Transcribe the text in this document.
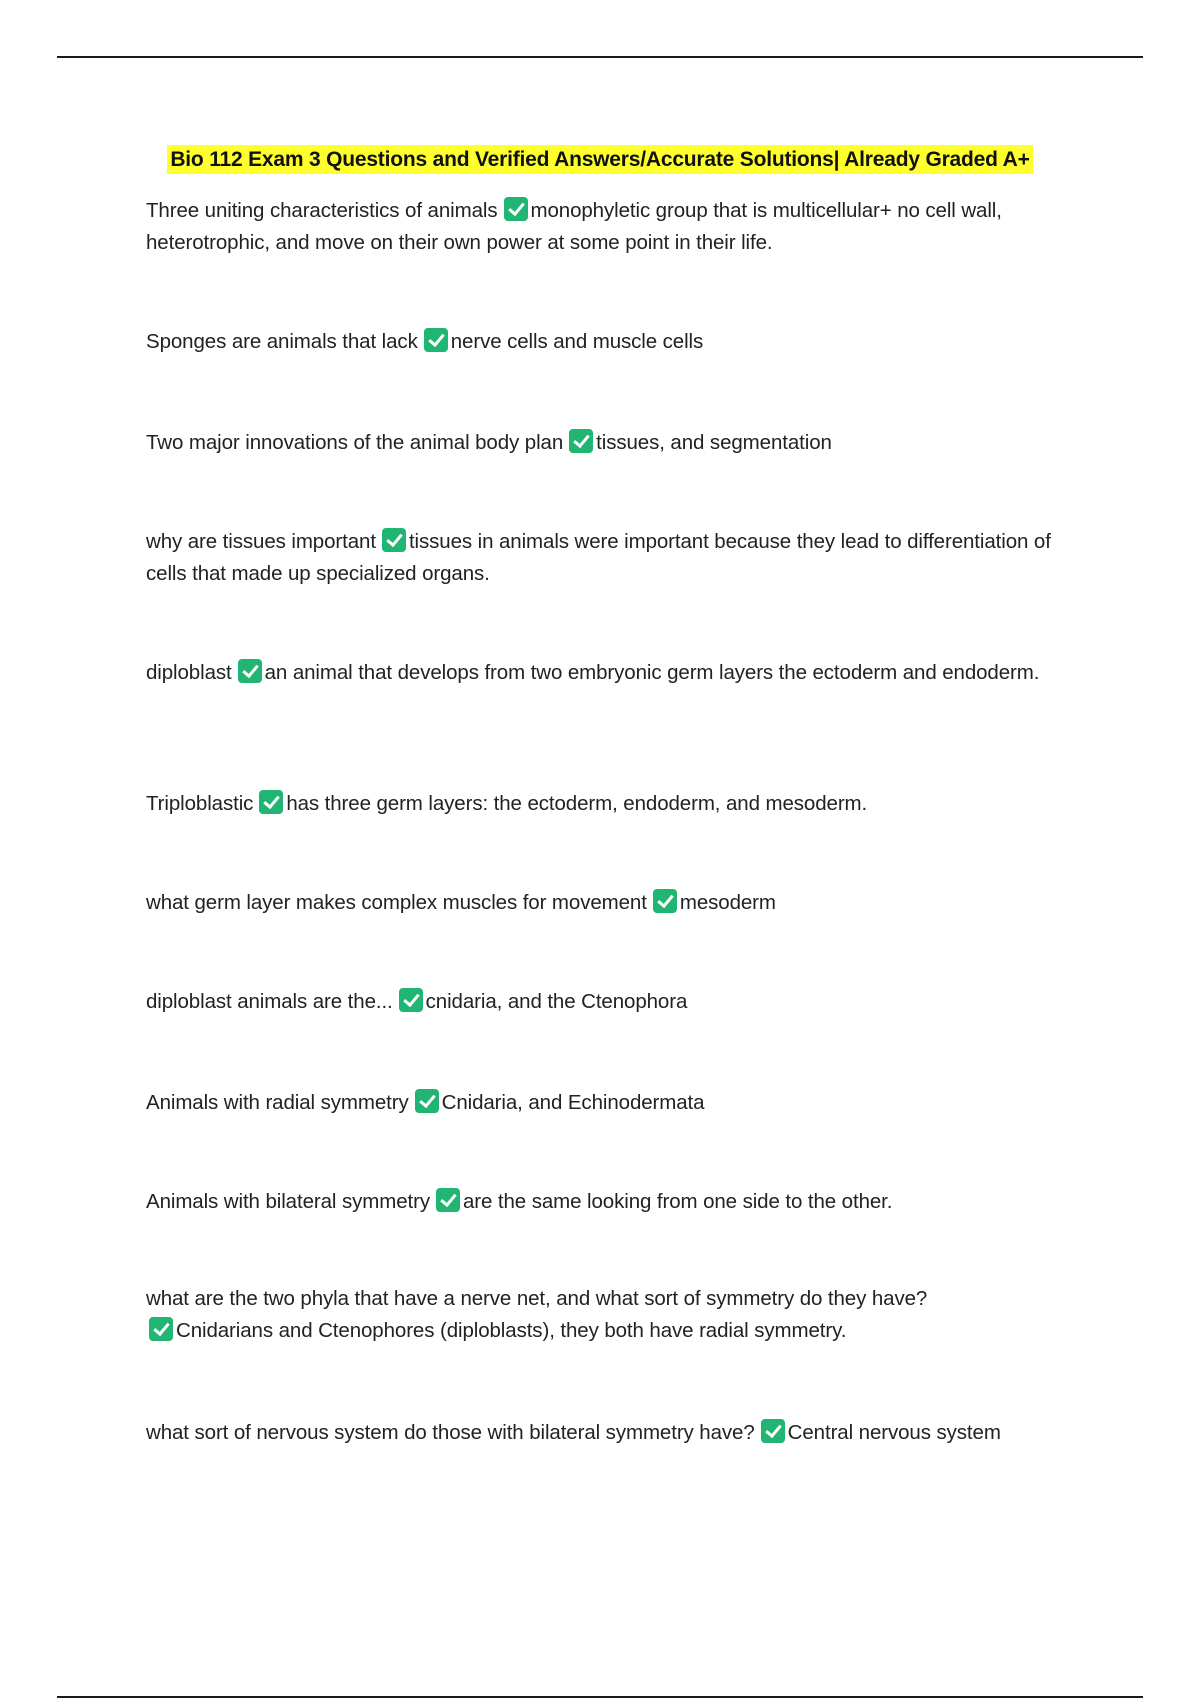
Bio 112 Exam 3 Questions and Verified Answers/Accurate Solutions| Already Graded A+
Three uniting characteristics of animals monophyletic group that is multicellular+ no cell wall, heterotrophic, and move on their own power at some point in their life.
Sponges are animals that lack nerve cells and muscle cells
Two major innovations of the animal body plan tissues, and segmentation
why are tissues important tissues in animals were important because they lead to differentiation of cells that made up specialized organs.
diploblast an animal that develops from two embryonic germ layers the ectoderm and endoderm.
Triploblastic has three germ layers: the ectoderm, endoderm, and mesoderm.
what germ layer makes complex muscles for movement mesoderm
diploblast animals are the... cnidaria, and the Ctenophora
Animals with radial symmetry Cnidaria, and Echinodermata
Animals with bilateral symmetry are the same looking from one side to the other.
what are the two phyla that have a nerve net, and what sort of symmetry do they have?
Cnidarians and Ctenophores (diploblasts), they both have radial symmetry.
what sort of nervous system do those with bilateral symmetry have? Central nervous system
